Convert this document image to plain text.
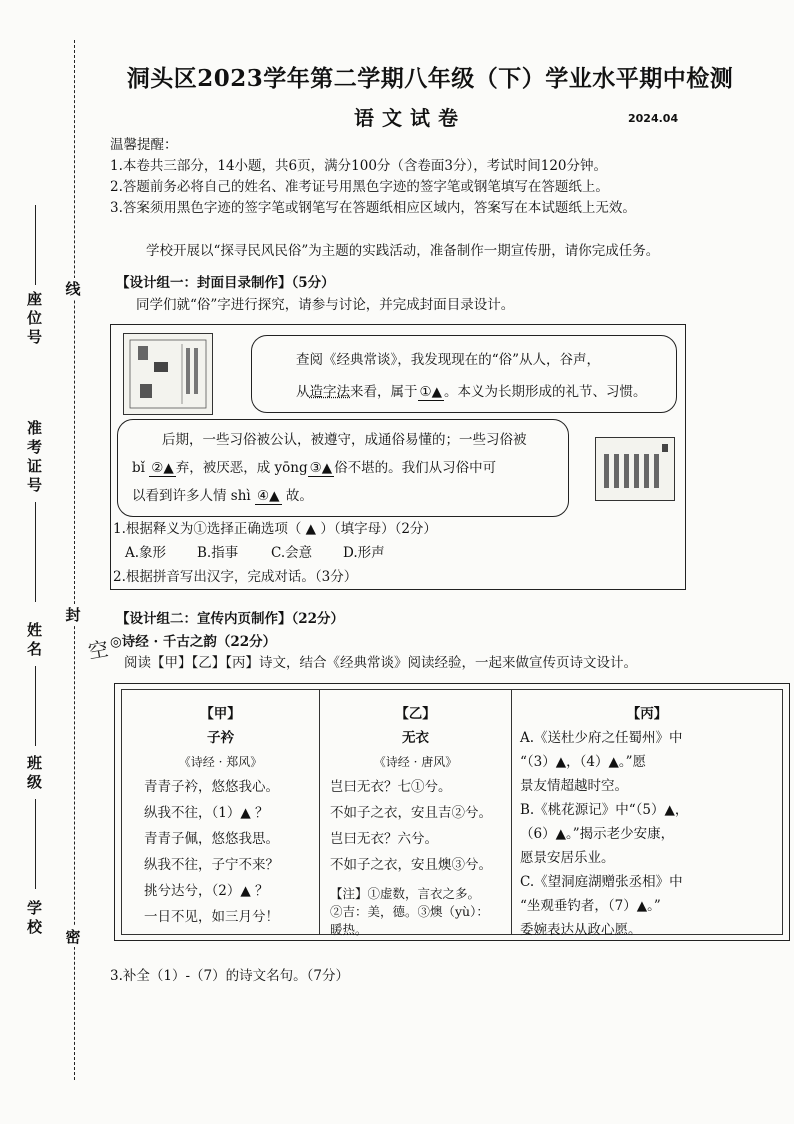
线
封
密
座位号
准考证号
姓名
班级
学校
洞头区2023学年第二学期八年级（下）学业水平期中检测
语文试卷	2024.04
温馨提醒：
1.本卷共三部分，14小题，共6页，满分100分（含卷面3分），考试时间120分钟。
2.答题前务必将自己的姓名、准考证号用黑色字迹的签字笔或钢笔填写在答题纸上。
3.答案须用黑色字迹的签字笔或钢笔写在答题纸相应区域内，答案写在本试题纸上无效。
学校开展以“探寻民风民俗”为主题的实践活动，准备制作一期宣传册，请你完成任务。
【设计组一：封面目录制作】（5分）
同学们就“俗”字进行探究，请参与讨论，并完成封面目录设计。
查阅《经典常谈》，我发现现在的“俗”从人，谷声，
从造字法来看，属于 ①▲ 。本义为长期形成的礼节、习惯。
后期，一些习俗被公认，被遵守，成通俗易懂的；一些习俗被
bǐ ②▲ 弃，被厌恶，成 yōng ③▲ 俗不堪的。我们从习俗中可
以看到许多人情 shì ④▲ 故。
1.根据释义为①选择正确选项（ ▲ ）（填字母）（2分）
A.象形 B.指事 C.会意 D.形声
2.根据拼音写出汉字，完成对话。（3分）
【设计组二：宣传内页制作】（22分）
空 ◎诗经 · 千古之韵（22分）
阅读【甲】【乙】【丙】诗文，结合《经典常谈》阅读经验，一起来做宣传页诗文设计。
【甲】
子衿
《诗经 · 郑风》
青青子衿，悠悠我心。
纵我不往，（1）▲ ？
青青子佩，悠悠我思。
纵我不往，子宁不来？
挑兮达兮，（2）▲ ？
一日不见，如三月兮！
【乙】
无衣
《诗经 · 唐风》
岂曰无衣？七①兮。
不如子之衣，安且吉②兮。
岂曰无衣？六兮。
不如子之衣，安且燠③兮。
【注】①虚数，言衣之多。
②吉：美，德。③燠（yù）：
暖热。
【丙】
A.《送杜少府之任蜀州》中
“（3）▲，（4）▲。”愿
景友情超越时空。
B.《桃花源记》中“（5）▲，
（6）▲。”揭示老少安康，
愿景安居乐业。
C.《望洞庭湖赠张丞相》中
“坐观垂钓者，（7）▲。”
委婉表达从政心愿。
3.补全（1）-（7）的诗文名句。（7分）
